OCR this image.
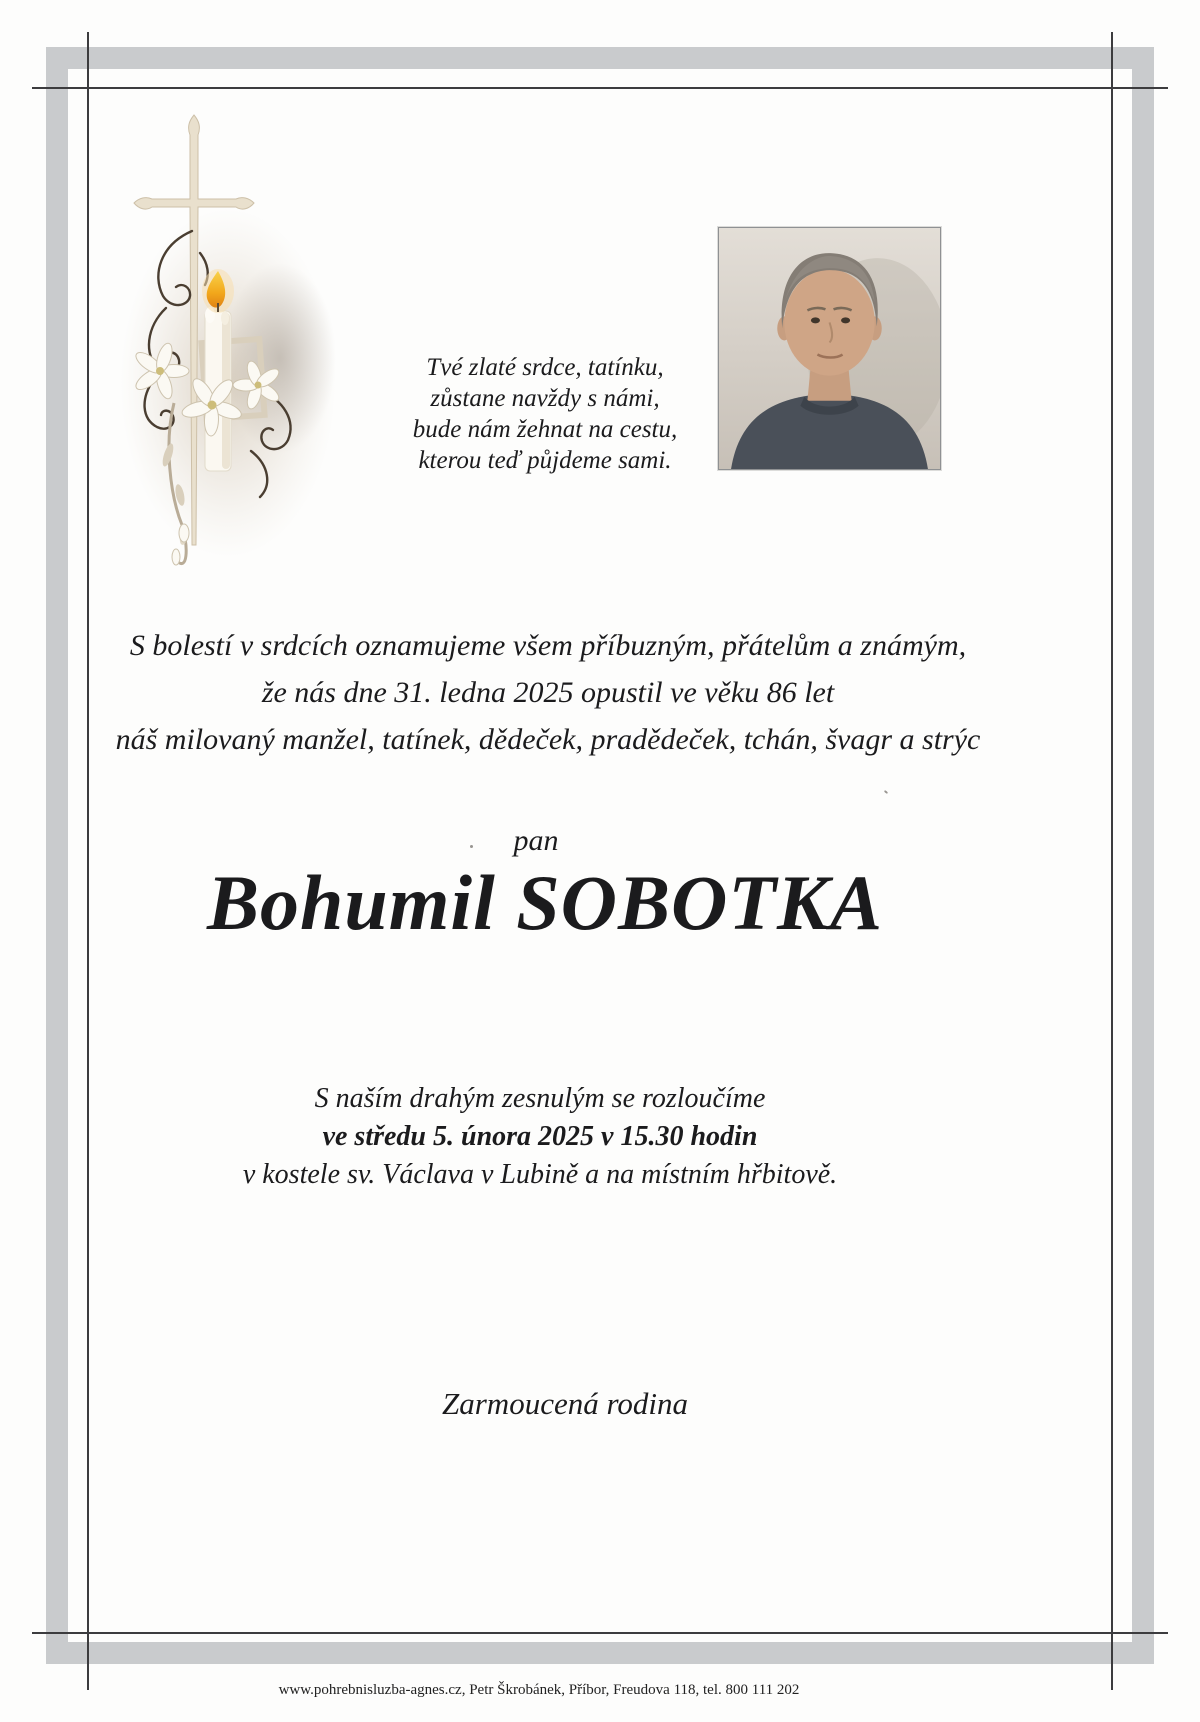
Tvé zlaté srdce, tatínku,
zůstane navždy s námi,
bude nám žehnat na cestu,
kterou teď půjdeme sami.
S bolestí v srdcích oznamujeme všem příbuzným, přátelům a známým,
že nás dne 31. ledna 2025 opustil ve věku 86 let
náš milovaný manžel, tatínek, dědeček, pradědeček, tchán, švagr a strýc
pan
Bohumil SOBOTKA
S naším drahým zesnulým se rozloučíme
ve středu 5. února 2025 v 15.30 hodin
v kostele sv. Václava v Lubině a na místním hřbitově.
Zarmoucená rodina
www.pohrebnisluzba-agnes.cz, Petr Škrobánek, Příbor, Freudova 118, tel. 800 111 202
